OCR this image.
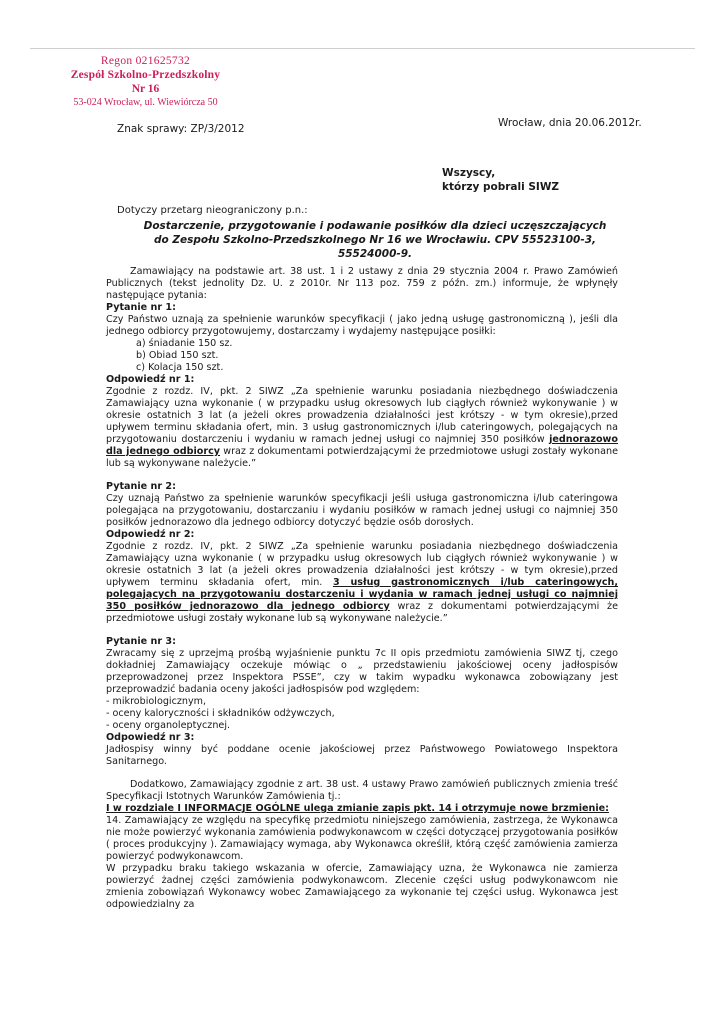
Regon 021625732
Zespół Szkolno-Przedszkolny
Nr 16
53-024 Wrocław, ul. Wiewiórcza 50
Znak sprawy: ZP/3/2012	Wrocław, dnia 20.06.2012r.
Wszyscy,
którzy pobrali SIWZ
Dotyczy przetarg nieograniczony p.n.:
Dostarczenie, przygotowanie i podawanie posiłków dla dzieci uczęszczających do Zespołu Szkolno-Przedszkolnego Nr 16 we Wrocławiu. CPV 55523100-3, 55524000-9.

Zamawiający na podstawie art. 38 ust. 1 i 2 ustawy z dnia 29 stycznia 2004 r. Prawo Zamówień Publicznych (tekst jednolity Dz. U. z 2010r. Nr 113 poz. 759 z późn. zm.) informuje, że wpłynęły następujące pytania:

Pytanie nr 1:

Czy Państwo uznają za spełnienie warunków specyfikacji ( jako jedną usługę gastronomiczną ), jeśli dla jednego odbiorcy przygotowujemy, dostarczamy i wydajemy następujące posiłki:

a) śniadanie 150 sz.
b) Obiad 150 szt.
c) Kolacja 150 szt.

Odpowiedź nr 1:

Zgodnie z rozdz. IV, pkt. 2 SIWZ „Za spełnienie warunku posiadania niezbędnego doświadczenia Zamawiający uzna wykonanie ( w przypadku usług okresowych lub ciągłych również wykonywanie ) w okresie ostatnich 3 lat (a jeżeli okres prowadzenia działalności jest krótszy - w tym okresie),przed upływem terminu składania ofert, min. 3 usług gastronomicznych i/lub cateringowych, polegających na przygotowaniu dostarczeniu i wydaniu w ramach jednej usługi co najmniej 350 posiłków jednorazowo dla jednego odbiorcy wraz z dokumentami potwierdzającymi że przedmiotowe usługi zostały wykonane lub są wykonywane należycie.”

Pytanie nr 2:

Czy uznają Państwo za spełnienie warunków specyfikacji jeśli usługa gastronomiczna i/lub cateringowa polegająca na przygotowaniu, dostarczaniu i wydaniu posiłków w ramach jednej usługi co najmniej 350 posiłków jednorazowo dla jednego odbiorcy dotyczyć będzie osób dorosłych.

Odpowiedź nr 2:

Zgodnie z rozdz. IV, pkt. 2 SIWZ „Za spełnienie warunku posiadania niezbędnego doświadczenia Zamawiający uzna wykonanie ( w przypadku usług okresowych lub ciągłych również wykonywanie ) w okresie ostatnich 3 lat (a jeżeli okres prowadzenia działalności jest krótszy - w tym okresie),przed upływem terminu składania ofert, min. 3 usług gastronomicznych i/lub cateringowych, polegających na przygotowaniu dostarczeniu i wydania w ramach jednej usługi co najmniej 350 posiłków jednorazowo dla jednego odbiorcy wraz z dokumentami potwierdzającymi że przedmiotowe usługi zostały wykonane lub są wykonywane należycie.”

Pytanie nr 3:

Zwracamy się z uprzejmą prośbą wyjaśnienie punktu 7c II opis przedmiotu zamówienia SIWZ tj, czego dokładniej Zamawiający oczekuje mówiąc o „ przedstawieniu jakościowej oceny jadłospisów przeprowadzonej przez Inspektora PSSE”, czy w takim wypadku wykonawca zobowiązany jest przeprowadzić badania oceny jakości jadłospisów pod względem:

- mikrobiologicznym,
- oceny kaloryczności i składników odżywczych,
- oceny organoleptycznej.

Odpowiedź nr 3:

Jadłospisy winny być poddane ocenie jakościowej przez Państwowego Powiatowego Inspektora Sanitarnego.

Dodatkowo, Zamawiający zgodnie z art. 38 ust. 4 ustawy Prawo zamówień publicznych zmienia treść Specyfikacji Istotnych Warunków Zamówienia tj.:

I w rozdziale I INFORMACJE OGÓLNE ulega zmianie zapis pkt. 14 i otrzymuje nowe brzmienie:

14. Zamawiający ze względu na specyfikę przedmiotu niniejszego zamówienia, zastrzega, że Wykonawca nie może powierzyć wykonania zamówienia podwykonawcom w części dotyczącej przygotowania posiłków ( proces produkcyjny ). Zamawiający wymaga, aby Wykonawca określił, którą część zamówienia zamierza powierzyć podwykonawcom.

W przypadku braku takiego wskazania w ofercie, Zamawiający uzna, że Wykonawca nie zamierza powierzyć żadnej części zamówienia podwykonawcom. Zlecenie części usług podwykonawcom nie zmienia zobowiązań Wykonawcy wobec Zamawiającego za wykonanie tej części usług. Wykonawca jest odpowiedzialny za
